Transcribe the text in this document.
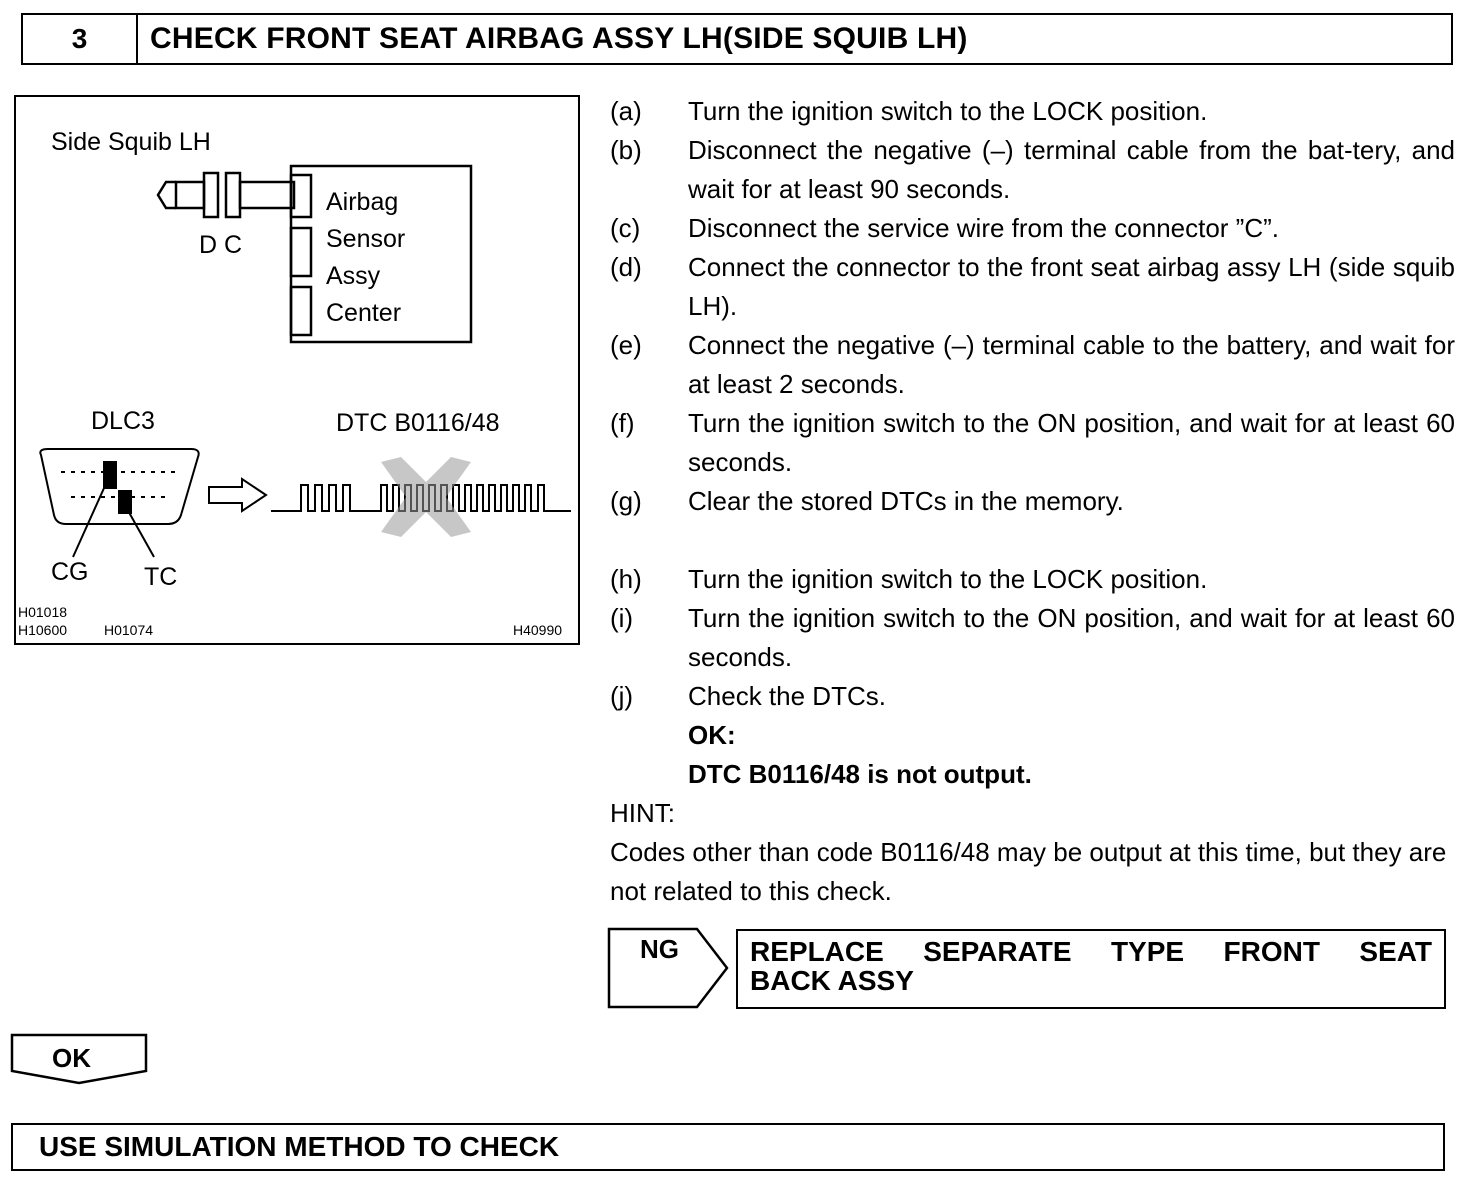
3	CHECK FRONT SEAT AIRBAG ASSY LH(SIDE SQUIB LH)
Side Squib LH
D C
Airbag
Sensor
Assy
Center
DLC3	DTC B0116/48
CG TC
H01018
H10600	H01074	H40990
(a)	Turn the ignition switch to the LOCK position.
(b)	Disconnect the negative (–) terminal cable from the bat-tery, and wait for at least 90 seconds.
(c)	Disconnect the service wire from the connector ”C”.
(d)	Connect the connector to the front seat airbag assy LH (side squib LH).
(e)	Connect the negative (–) terminal cable to the battery, and wait for at least 2 seconds.
(f)	Turn the ignition switch to the ON position, and wait for at least 60 seconds.
(g)	Clear the stored DTCs in the memory.
(h)	Turn the ignition switch to the LOCK position.
(i)	Turn the ignition switch to the ON position, and wait for at least 60 seconds.
(j)	Check the DTCs.
OK:
DTC B0116/48 is not output.
HINT:
Codes other than code B0116/48 may be output at this time, but they are not related to this check.
NG	REPLACE SEPARATE TYPE FRONT SEAT
BACK ASSY
OK
USE SIMULATION METHOD TO CHECK
